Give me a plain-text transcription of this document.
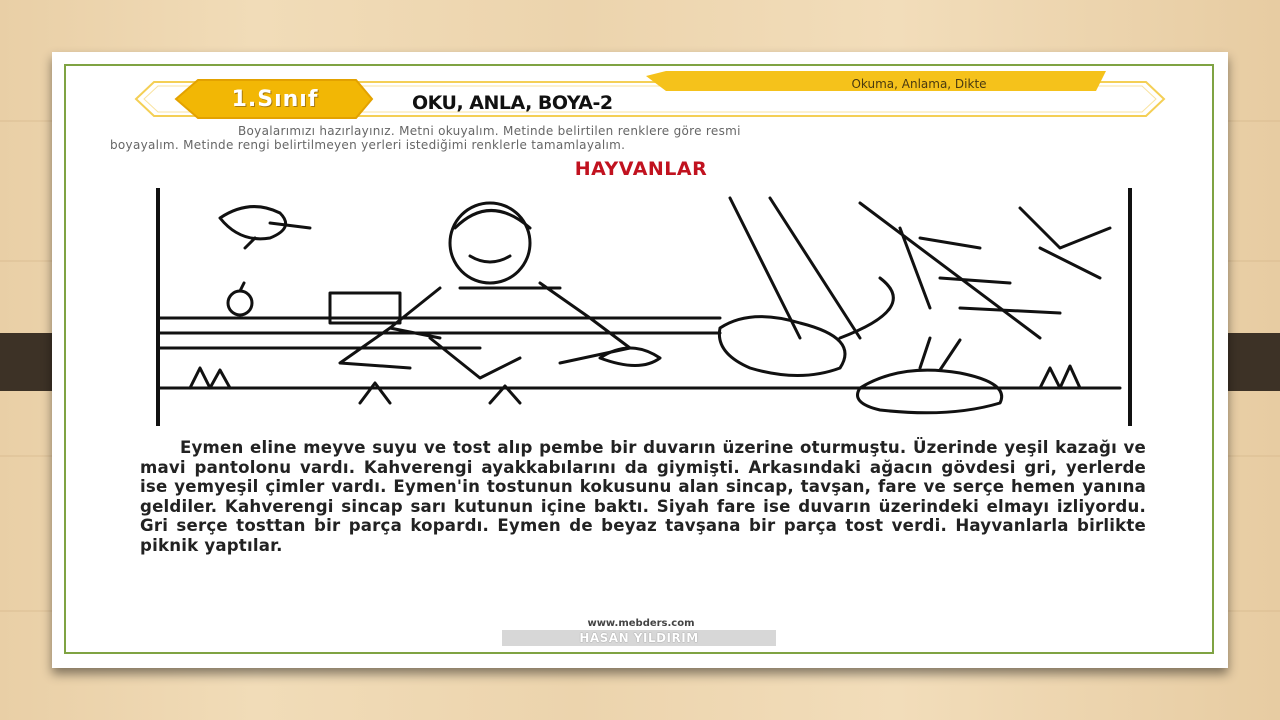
1.Sınıf
Okuma, Anlama, Dikte
OKU, ANLA, BOYA-2
Boyalarımızı hazırlayınız. Metni okuyalım. Metinde belirtilen renklere göre resmi
boyayalım. Metinde rengi belirtilmeyen yerleri istediğimi renklerle tamamlayalım.
HAYVANLAR
Eymen eline meyve suyu ve tost alıp pembe bir duvarın üzerine oturmuştu. Üzerinde yeşil kazağı ve mavi pantolonu vardı. Kahverengi ayakkabılarını da giymişti. Arkasındaki ağacın gövdesi gri, yerlerde ise yemyeşil çimler vardı. Eymen'in tostunun kokusunu alan sincap, tavşan, fare ve serçe hemen yanına geldiler. Kahverengi sincap sarı kutunun içine baktı. Siyah fare ise duvarın üzerindeki elmayı izliyordu. Gri serçe tosttan bir parça kopardı. Eymen de beyaz tavşana bir parça tost verdi. Hayvanlarla birlikte piknik yaptılar.
www.mebders.com
HASAN YILDIRIM
